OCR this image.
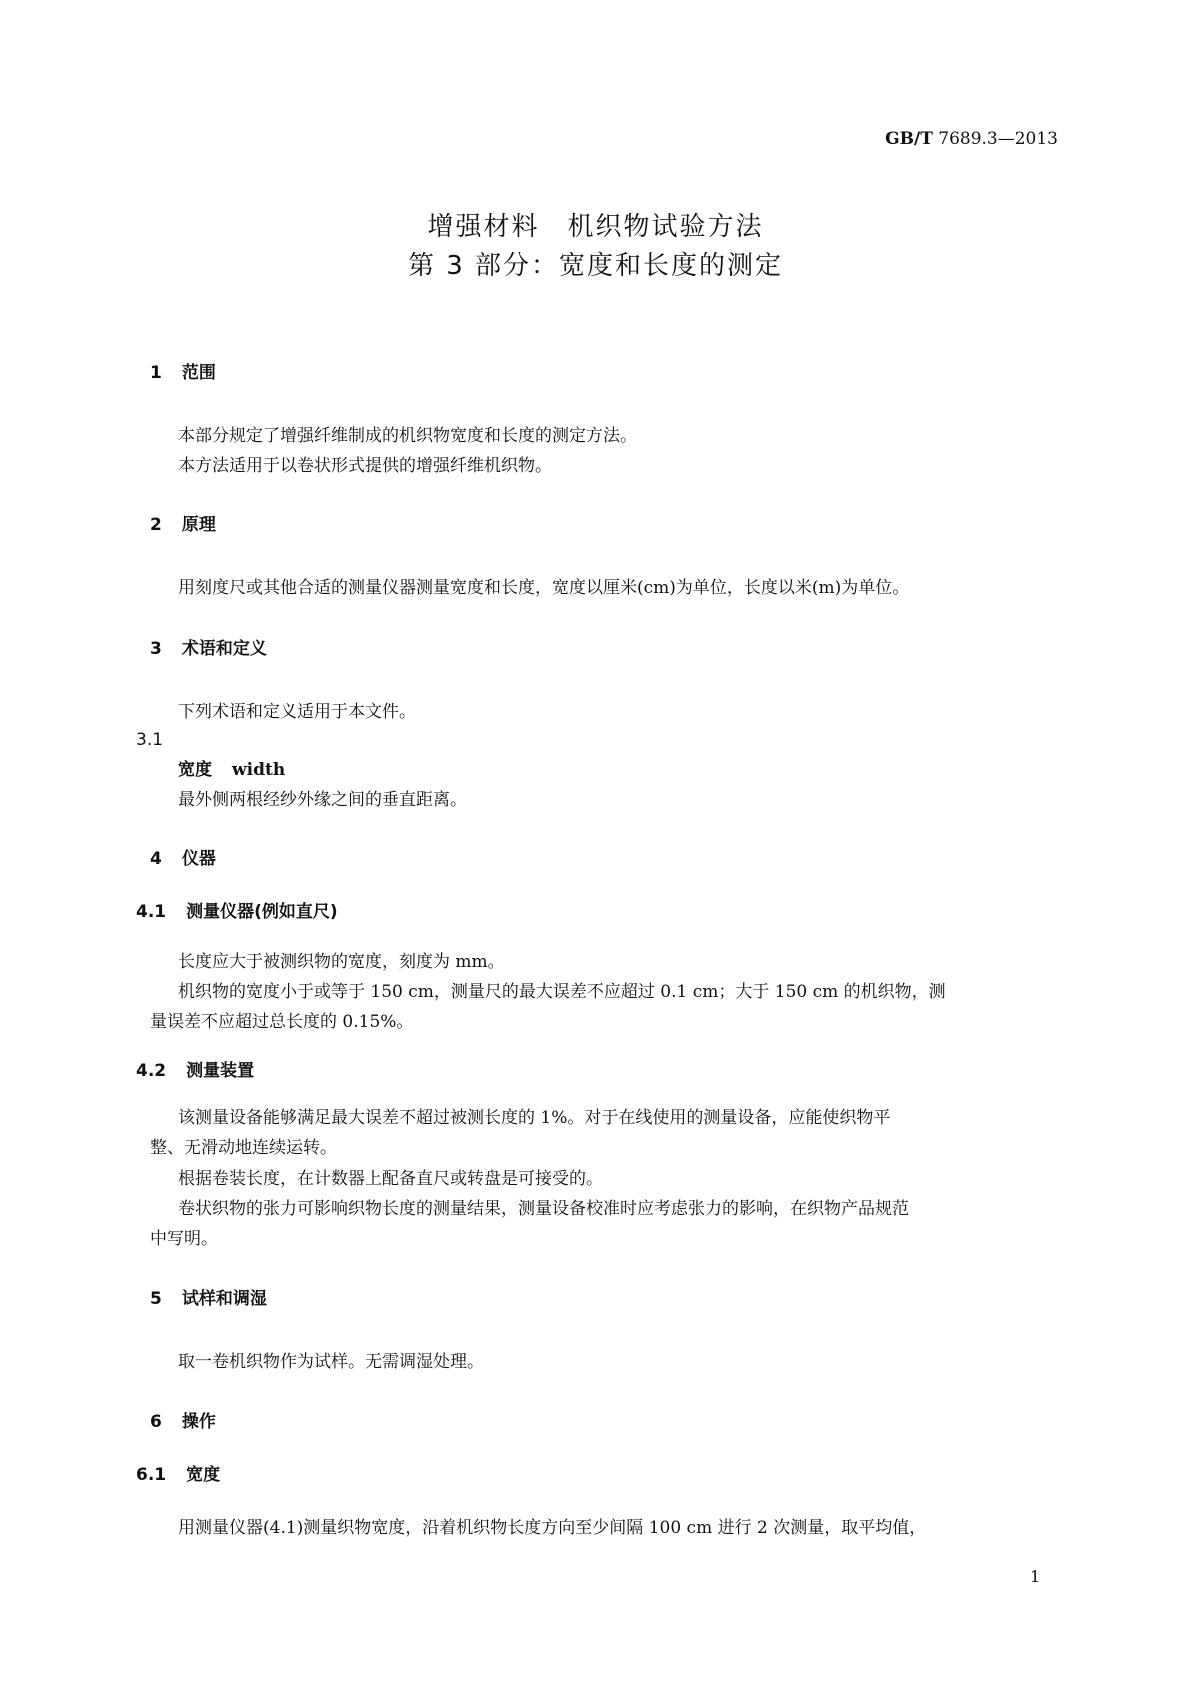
GB/T 7689.3—2013
增强材料　机织物试验方法
第 3 部分：宽度和长度的测定
1 范围
本部分规定了增强纤维制成的机织物宽度和长度的测定方法。
本方法适用于以卷状形式提供的增强纤维机织物。
2 原理
用刻度尺或其他合适的测量仪器测量宽度和长度，宽度以厘米(cm)为单位，长度以米(m)为单位。
3 术语和定义
下列术语和定义适用于本文件。
3.1
宽度 width
最外侧两根经纱外缘之间的垂直距离。
4 仪器
4.1 测量仪器(例如直尺)
长度应大于被测织物的宽度，刻度为 mm。
机织物的宽度小于或等于 150 cm，测量尺的最大误差不应超过 0.1 cm；大于 150 cm 的机织物，测
量误差不应超过总长度的 0.15%。
4.2 测量装置
该测量设备能够满足最大误差不超过被测长度的 1%。对于在线使用的测量设备，应能使织物平
整、无滑动地连续运转。
根据卷装长度，在计数器上配备直尺或转盘是可接受的。
卷状织物的张力可影响织物长度的测量结果，测量设备校准时应考虑张力的影响，在织物产品规范
中写明。
5 试样和调湿
取一卷机织物作为试样。无需调湿处理。
6 操作
6.1 宽度
用测量仪器(4.1)测量织物宽度，沿着机织物长度方向至少间隔 100 cm 进行 2 次测量，取平均值，
1
